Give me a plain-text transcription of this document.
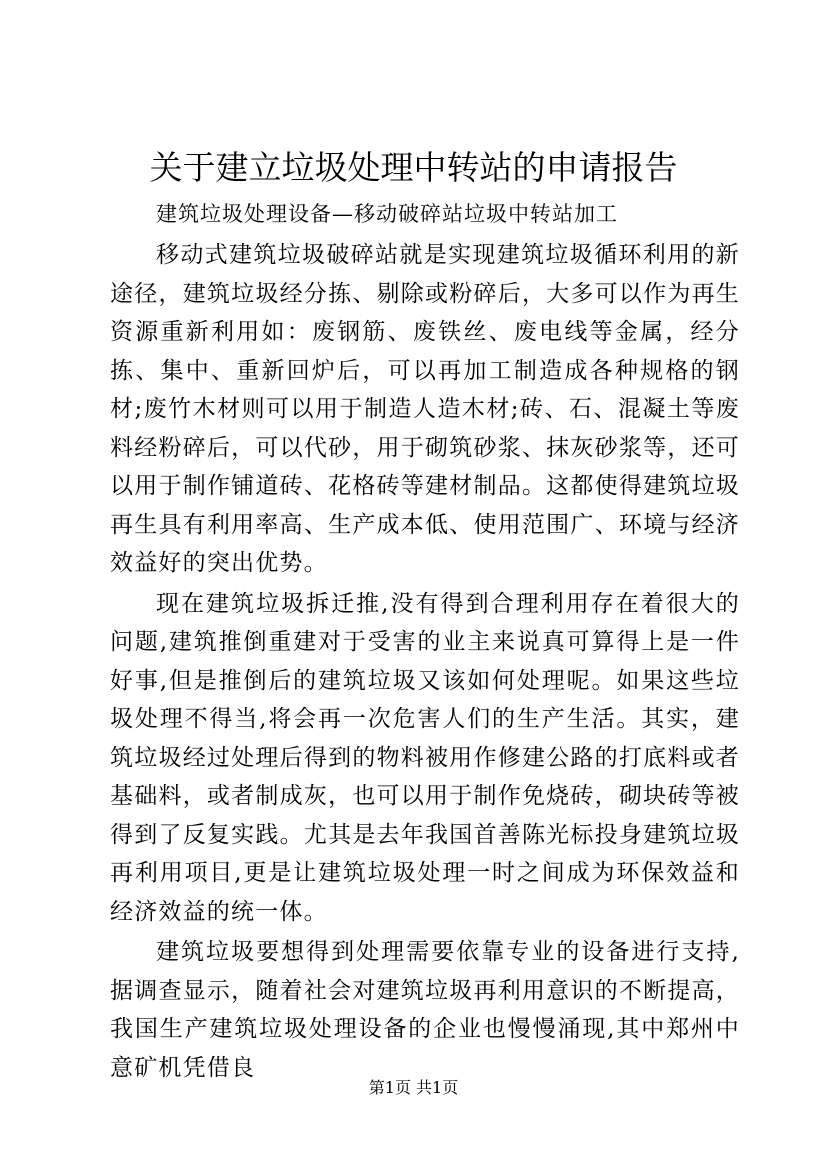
关于建立垃圾处理中转站的申请报告
建筑垃圾处理设备—移动破碎站垃圾中转站加工

移动式建筑垃圾破碎站就是实现建筑垃圾循环利用的新途径，建筑垃圾经分拣、剔除或粉碎后，大多可以作为再生资源重新利用如：废钢筋、废铁丝、废电线等金属，经分拣、集中、重新回炉后，可以再加工制造成各种规格的钢材;废竹木材则可以用于制造人造木材;砖、石、混凝土等废料经粉碎后，可以代砂，用于砌筑砂浆、抹灰砂浆等，还可以用于制作铺道砖、花格砖等建材制品。这都使得建筑垃圾再生具有利用率高、生产成本低、使用范围广、环境与经济效益好的突出优势。

现在建筑垃圾拆迁推,没有得到合理利用存在着很大的问题,建筑推倒重建对于受害的业主来说真可算得上是一件好事,但是推倒后的建筑垃圾又该如何处理呢。如果这些垃圾处理不得当,将会再一次危害人们的生产生活。其实，建筑垃圾经过处理后得到的物料被用作修建公路的打底料或者基础料，或者制成灰，也可以用于制作免烧砖，砌块砖等被得到了反复实践。尤其是去年我国首善陈光标投身建筑垃圾再利用项目,更是让建筑垃圾处理一时之间成为环保效益和经济效益的统一体。

建筑垃圾要想得到处理需要依靠专业的设备进行支持,据调查显示，随着社会对建筑垃圾再利用意识的不断提高，我国生产建筑垃圾处理设备的企业也慢慢涌现,其中郑州中意矿机凭借良

第1页 共1页
